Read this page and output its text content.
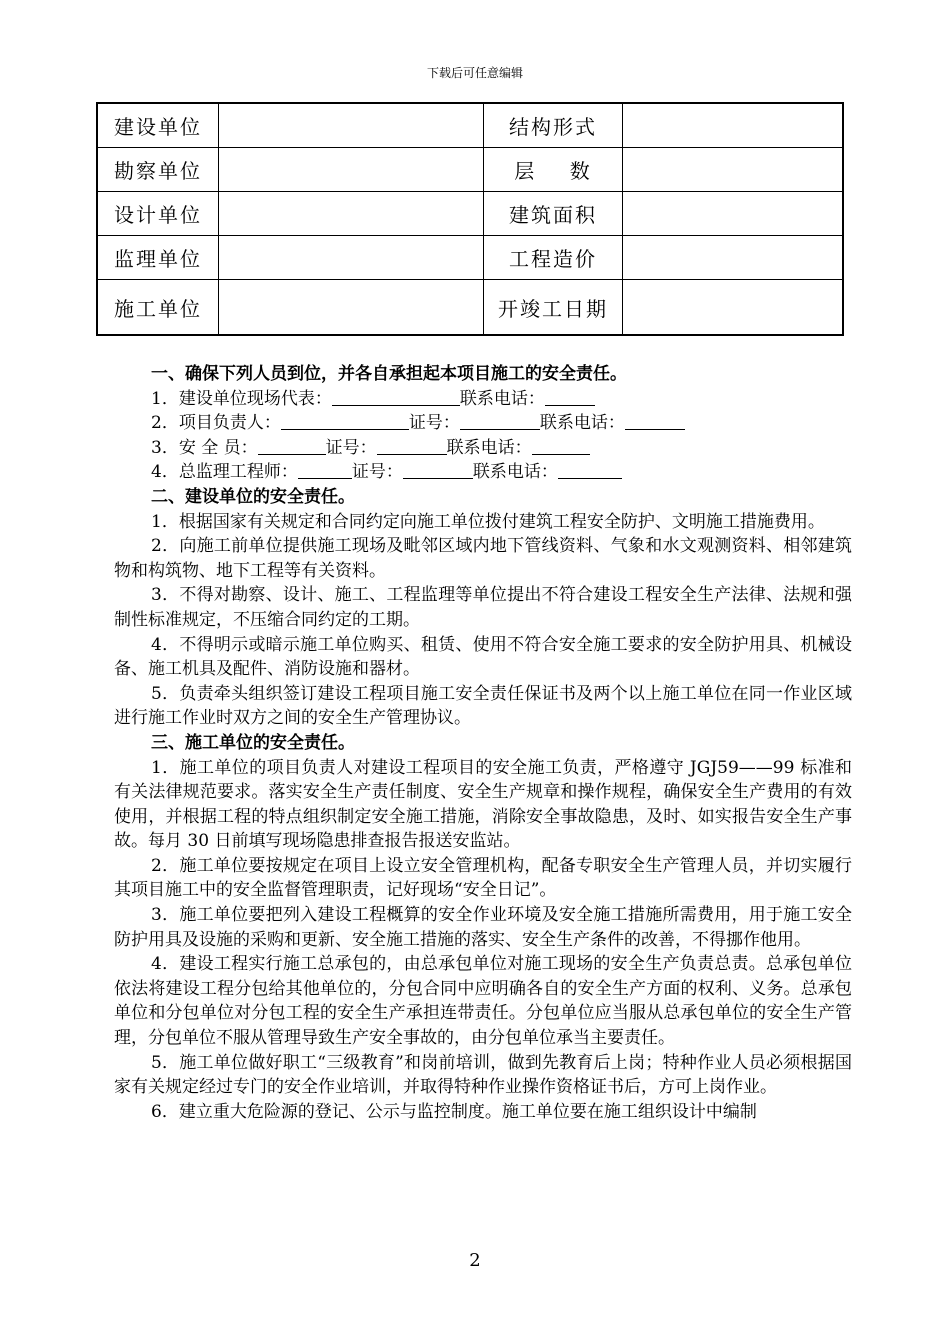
下载后可任意编辑
建设单位		结构形式	
勘察单位		层    数	
设计单位		建筑面积	
监理单位		工程造价	
施工单位		开竣工日期	

一、确保下列人员到位，并各自承担起本项目施工的安全责任。

1．建设单位现场代表：	联系电话：

2．项目负责人：	证号：	联系电话：

3．安 全 员：	证号：	联系电话：

4．总监理工程师：	证号：	联系电话：

二、建设单位的安全责任。

1．根据国家有关规定和合同约定向施工单位拨付建筑工程安全防护、文明施工措施费用。

2．向施工前单位提供施工现场及毗邻区域内地下管线资料、气象和水文观测资料、相邻建筑物和构筑物、地下工程等有关资料。

3．不得对勘察、设计、施工、工程监理等单位提出不符合建设工程安全生产法律、法规和强制性标准规定，不压缩合同约定的工期。

4．不得明示或暗示施工单位购买、租赁、使用不符合安全施工要求的安全防护用具、机械设备、施工机具及配件、消防设施和器材。

5．负责牵头组织签订建设工程项目施工安全责任保证书及两个以上施工单位在同一作业区域进行施工作业时双方之间的安全生产管理协议。

三、施工单位的安全责任。

1．施工单位的项目负责人对建设工程项目的安全施工负责，严格遵守 JGJ59——99 标准和有关法律规范要求。落实安全生产责任制度、安全生产规章和操作规程，确保安全生产费用的有效使用，并根据工程的特点组织制定安全施工措施，消除安全事故隐患，及时、如实报告安全生产事故。每月 30 日前填写现场隐患排查报告报送安监站。

2．施工单位要按规定在项目上设立安全管理机构，配备专职安全生产管理人员，并切实履行其项目施工中的安全监督管理职责，记好现场“安全日记”。

3．施工单位要把列入建设工程概算的安全作业环境及安全施工措施所需费用，用于施工安全防护用具及设施的采购和更新、安全施工措施的落实、安全生产条件的改善，不得挪作他用。

4．建设工程实行施工总承包的，由总承包单位对施工现场的安全生产负责总责。总承包单位依法将建设工程分包给其他单位的，分包合同中应明确各自的安全生产方面的权利、义务。总承包单位和分包单位对分包工程的安全生产承担连带责任。分包单位应当服从总承包单位的安全生产管理，分包单位不服从管理导致生产安全事故的，由分包单位承当主要责任。

5．施工单位做好职工“三级教育”和岗前培训，做到先教育后上岗；特种作业人员必须根据国家有关规定经过专门的安全作业培训，并取得特种作业操作资格证书后，方可上岗作业。

6．建立重大危险源的登记、公示与监控制度。施工单位要在施工组织设计中编制

2
